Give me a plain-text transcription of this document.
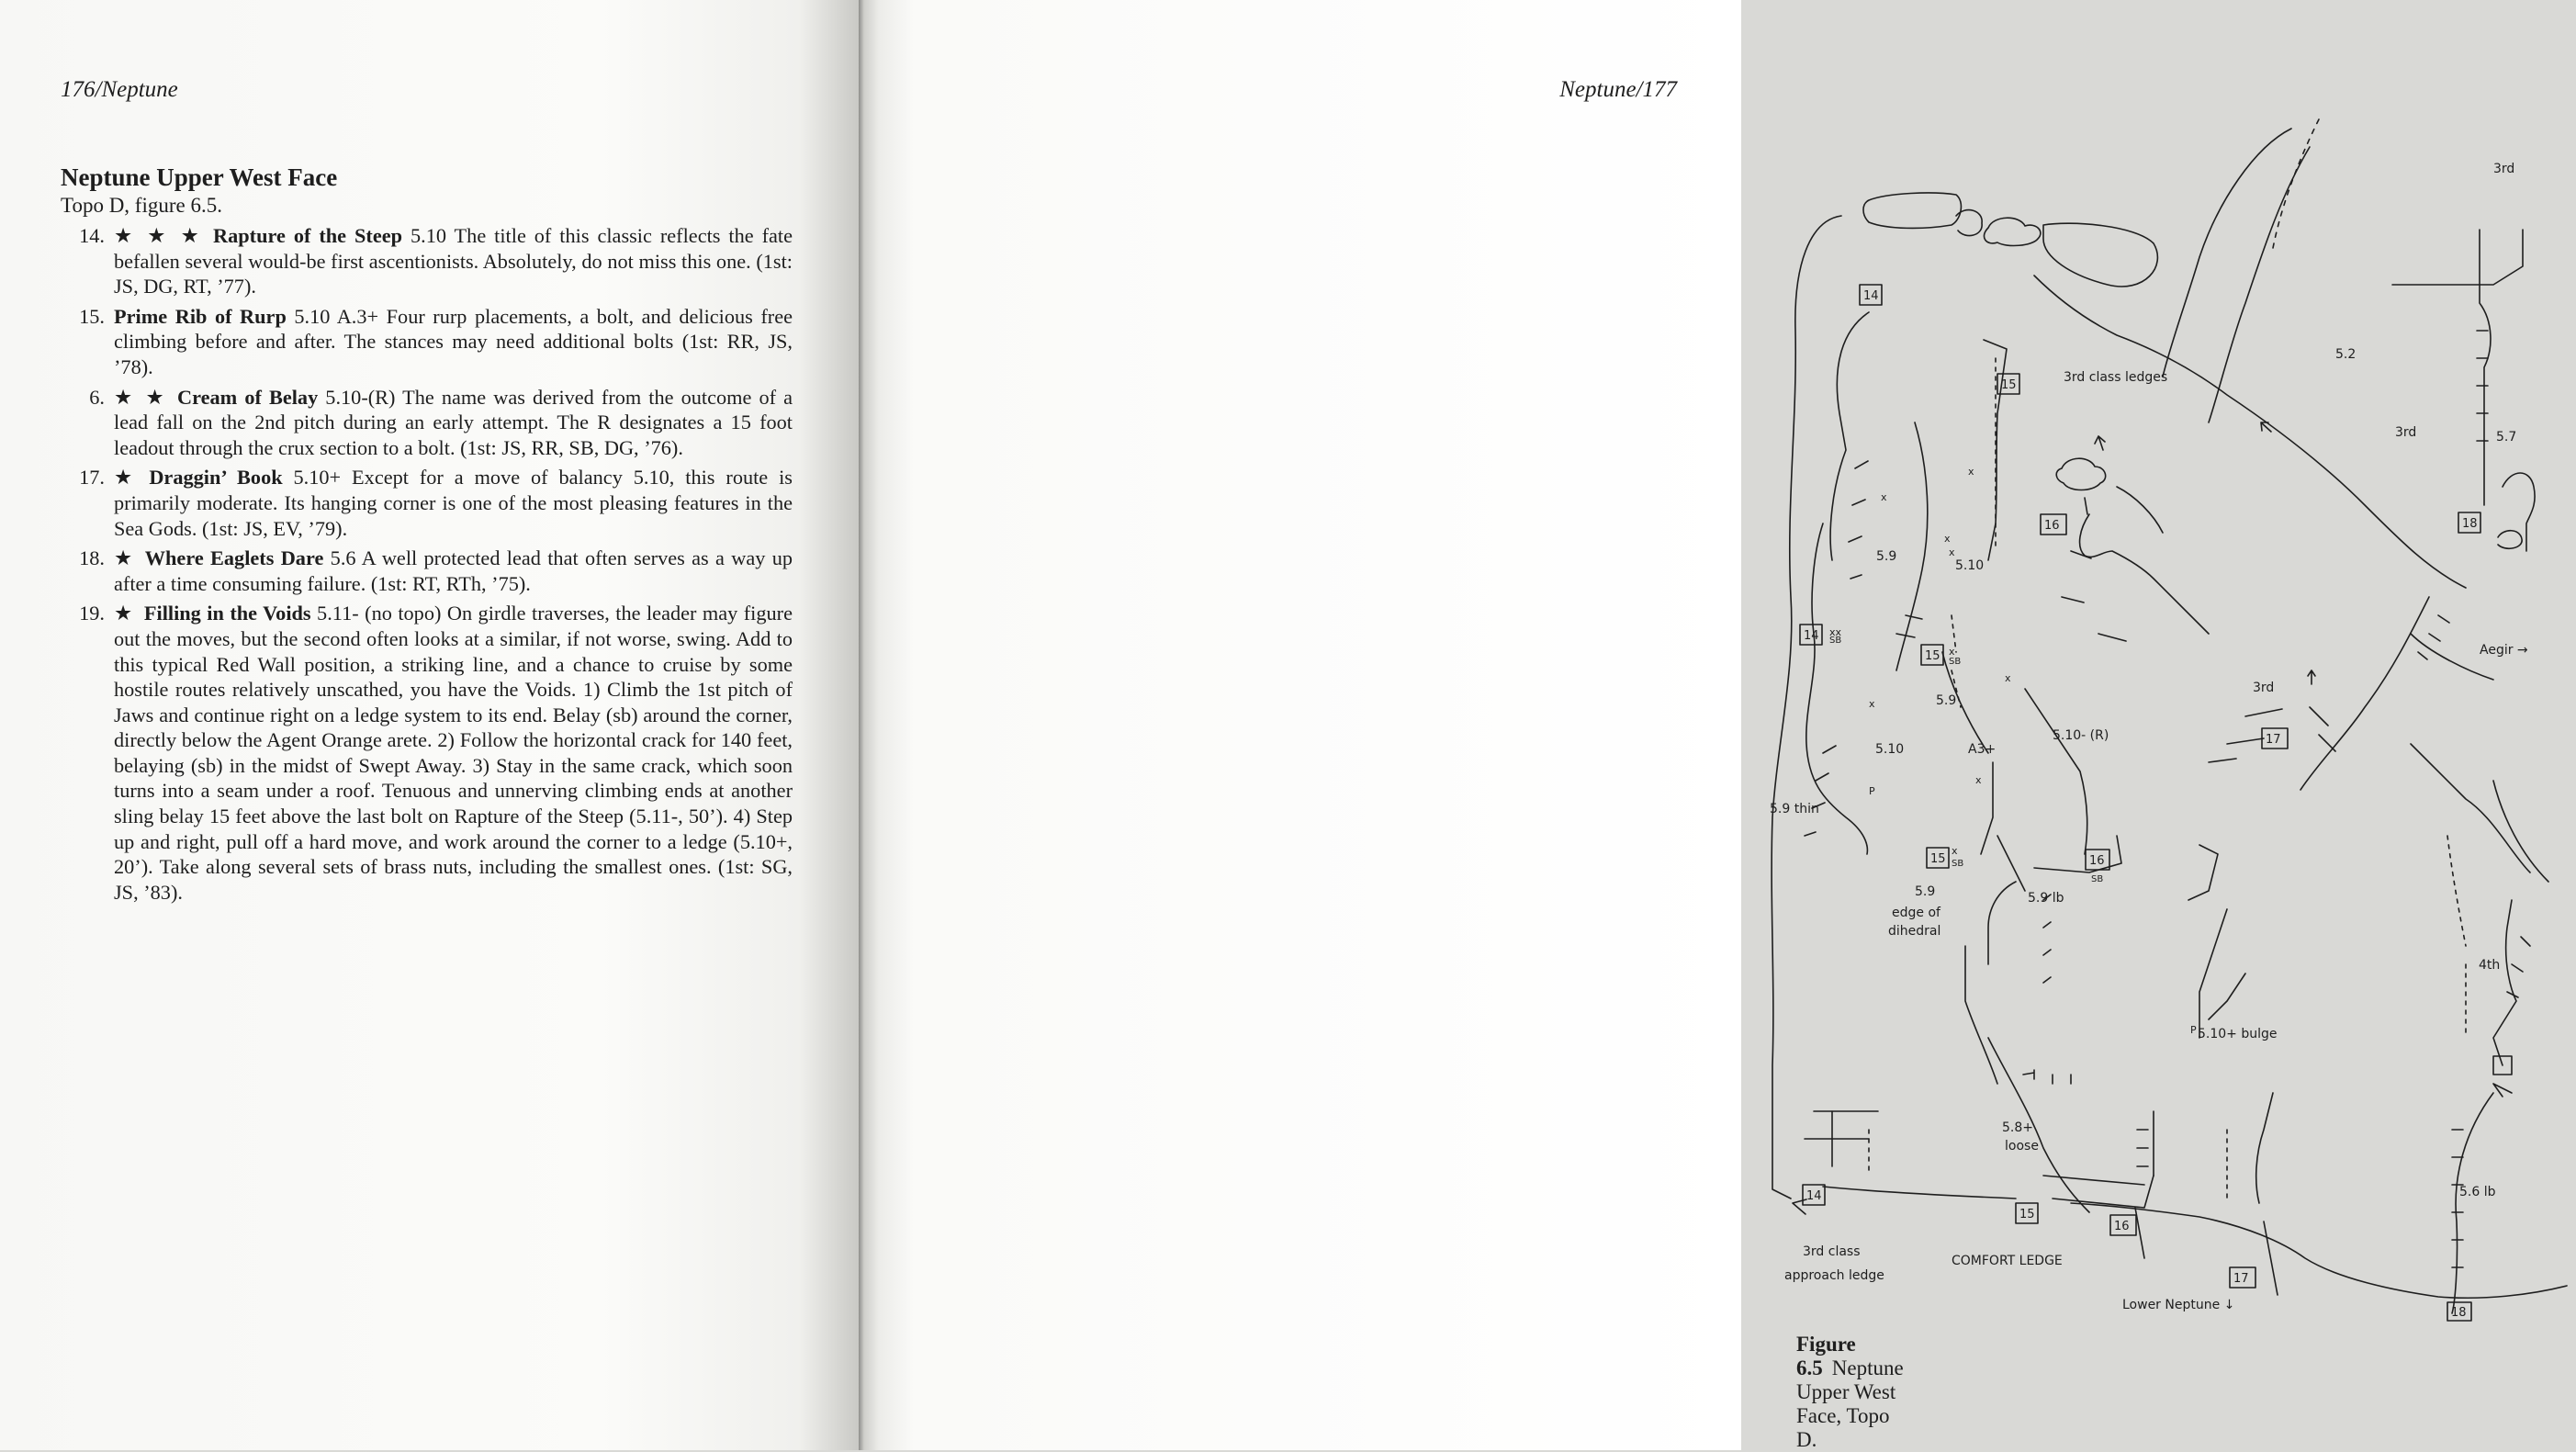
176/Neptune
Neptune Upper West Face
Topo D, figure 6.5.
14. ★ ★ ★ Rapture of the Steep 5.10 The title of this classic reflects the fate befallen several would-be first ascentionists. Absolutely, do not miss this one. (1st: JS, DG, RT, ’77).
15. Prime Rib of Rurp 5.10 A.3+ Four rurp placements, a bolt, and delicious free climbing before and after. The stances may need additional bolts (1st: RR, JS, ’78).
6. ★ ★ Cream of Belay 5.10-(R) The name was derived from the outcome of a lead fall on the 2nd pitch during an early attempt. The R designates a 15 foot leadout through the crux section to a bolt. (1st: JS, RR, SB, DG, ’76).
17. ★ Draggin’ Book 5.10+ Except for a move of balancy 5.10, this route is primarily moderate. Its hanging corner is one of the most pleasing features in the Sea Gods. (1st: JS, EV, ’79).
18. ★ Where Eaglets Dare 5.6 A well protected lead that often serves as a way up after a time consuming failure. (1st: RT, RTh, ’75).
19. ★ Filling in the Voids 5.11- (no topo) On girdle traverses, the leader may figure out the moves, but the second often looks at a similar, if not worse, swing. Add to this typical Red Wall position, a striking line, and a chance to cruise by some hostile routes relatively unscathed, you have the Voids. 1) Climb the 1st pitch of Jaws and continue right on a ledge system to its end. Belay (sb) around the corner, directly below the Agent Orange arete. 2) Follow the horizontal crack for 140 feet, belaying (sb) in the midst of Swept Away. 3) Stay in the same crack, which soon turns into a seam under a roof. Tenuous and unnerving climbing ends at another sling belay 15 feet above the last bolt on Rapture of the Steep (5.11-, 50’). 4) Step up and right, pull off a hard move, and work around the corner to a ledge (5.10+, 20’). Take along several sets of brass nuts, including the smallest ones. (1st: SG, JS, ’83).
Neptune/177
14
15
16	18
14
15
17
15	16
14
15
16
17
18
3rd
3rd class ledges
5.2
3rd	5.7
5.9
5.10
SB
SB
5.9
Aegir →
3rd
5.10	A3+
5.10- (R)
P
5.9 thin
SB
SB
5.9
edge of
dihedral
5.9 lb
4th
5.10+ bulge
P
5.8+
loose
5.6 lb
3rd class
approach ledge
COMFORT LEDGE
Lower Neptune ↓
x
x
x
x
xx
x
x
x
x
x
Figure 6.5 Neptune Upper West Face, Topo D.
